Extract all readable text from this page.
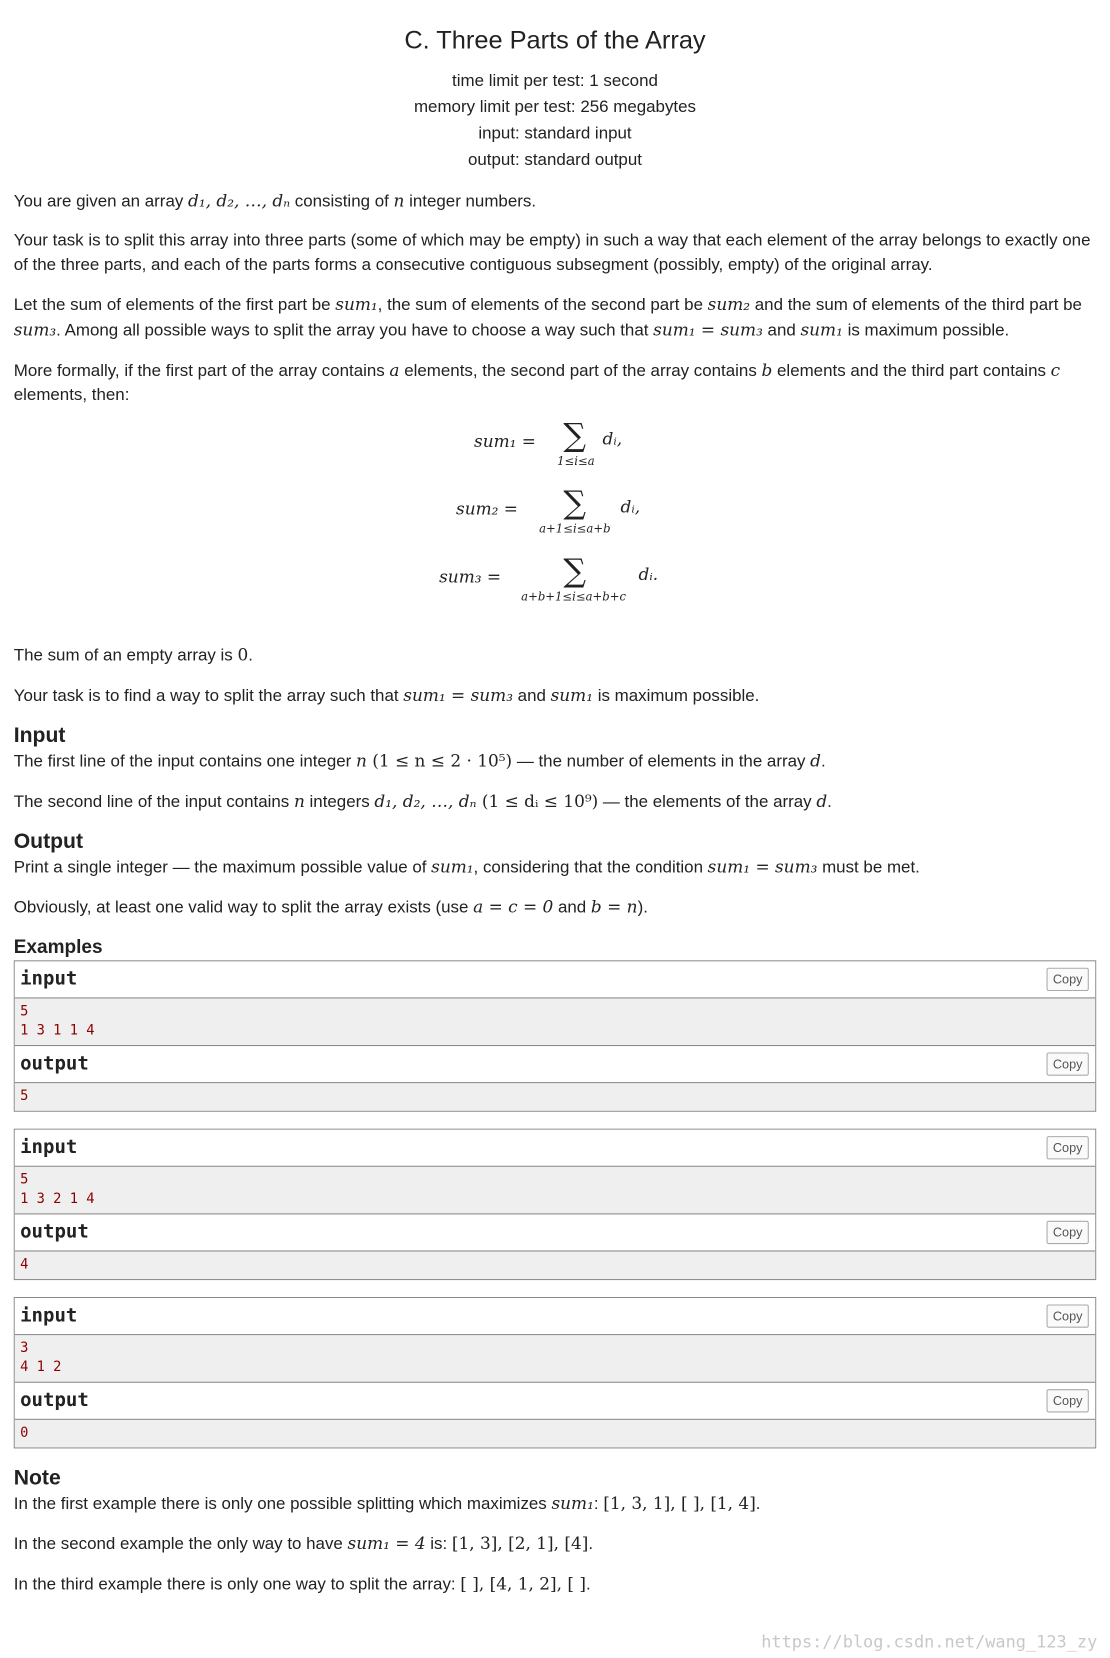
C. Three Parts of the Array
time limit per test: 1 second
memory limit per test: 256 megabytes
input: standard input
output: standard output

You are given an array d₁, d₂, …, dₙ consisting of n integer numbers.

Your task is to split this array into three parts (some of which may be empty) in such a way that each element of the array belongs to exactly one of the three parts, and each of the parts forms a consecutive contiguous subsegment (possibly, empty) of the original array.

Let the sum of elements of the first part be sum₁, the sum of elements of the second part be sum₂ and the sum of elements of the third part be sum₃. Among all possible ways to split the array you have to choose a way such that sum₁ = sum₃ and sum₁ is maximum possible.

More formally, if the first part of the array contains a elements, the second part of the array contains b elements and the third part contains c elements, then:

sum₁ = ∑
1≤i≤a
dᵢ,
sum₂ = ∑
a+1≤i≤a+b
dᵢ,
sum₃ = ∑
a+b+1≤i≤a+b+c
dᵢ.

The sum of an empty array is 0.

Your task is to find a way to split the array such that sum₁ = sum₃ and sum₁ is maximum possible.

Input

The first line of the input contains one integer n (1 ≤ n ≤ 2 · 10⁵) — the number of elements in the array d.

The second line of the input contains n integers d₁, d₂, …, dₙ (1 ≤ dᵢ ≤ 10⁹) — the elements of the array d.

Output

Print a single integer — the maximum possible value of sum₁, considering that the condition sum₁ = sum₃ must be met.

Obviously, at least one valid way to split the array exists (use a = c = 0 and b = n).

Examples
input	Copy
5
1 3 1 1 4
output	Copy
5
input	Copy
5
1 3 2 1 4
output	Copy
4
input	Copy
3
4 1 2
output	Copy
0
Note

In the first example there is only one possible splitting which maximizes sum₁: [1, 3, 1], [ ], [1, 4].

In the second example the only way to have sum₁ = 4 is: [1, 3], [2, 1], [4].

In the third example there is only one way to split the array: [ ], [4, 1, 2], [ ].

https://blog.csdn.net/wang_123_zy
